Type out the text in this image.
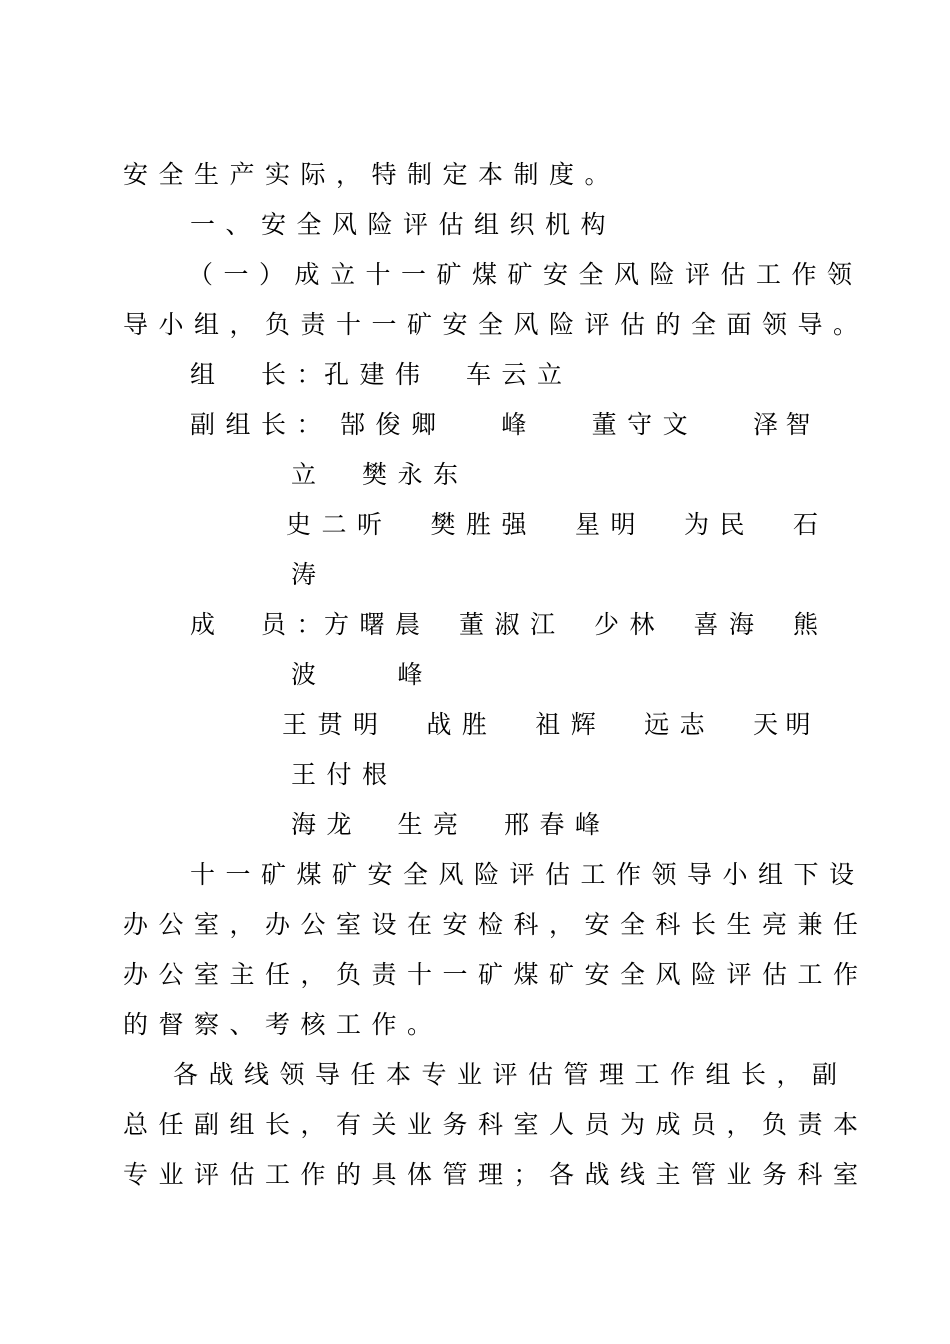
安全生产实际，特制定本制度。

一、安全风险评估组织机构

（一）成立十一矿煤矿安全风险评估工作领

导小组，负责十一矿安全风险评估的全面领导。

组　长：

孔建伟　车云立

副组长： 郜俊卿 峰 董守文 泽智

立　樊永东

史二听 樊胜强 星明 为民 石

涛

成　员：

方曙晨 董淑江 少林 喜海 熊

波　　峰

王贯明 战胜 祖辉 远志 天明

王付根

海龙　生亮　邢春峰

十一矿煤矿安全风险评估工作领导小组下设

办公室，办公室设在安检科，安全科长生亮兼任

办公室主任，负责十一矿煤矿安全风险评估工作

的督察、考核工作。

各战线领导任本专业评估管理工作组长，副

总任副组长，有关业务科室人员为成员，负责本

专业评估工作的具体管理；各战线主管业务科室
